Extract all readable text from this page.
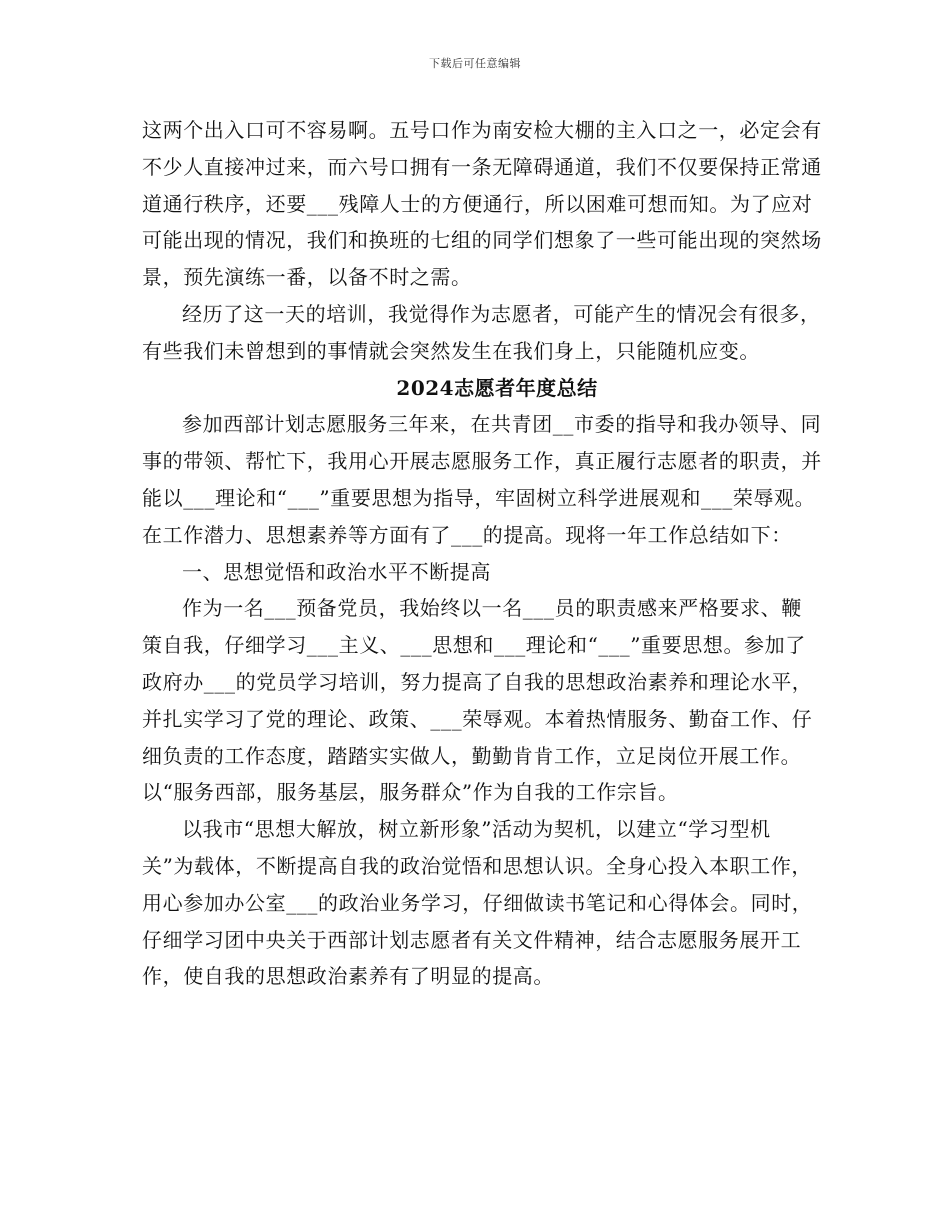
下载后可任意编辑

这两个出入口可不容易啊。五号口作为南安检大棚的主入口之一，必定会有不少人直接冲过来，而六号口拥有一条无障碍通道，我们不仅要保持正常通道通行秩序，还要___残障人士的方便通行，所以困难可想而知。为了应对可能出现的情况，我们和换班的七组的同学们想象了一些可能出现的突然场景，预先演练一番，以备不时之需。

经历了这一天的培训，我觉得作为志愿者，可能产生的情况会有很多，有些我们未曾想到的事情就会突然发生在我们身上，只能随机应变。

2024志愿者年度总结

参加西部计划志愿服务三年来，在共青团__市委的指导和我办领导、同事的带领、帮忙下，我用心开展志愿服务工作，真正履行志愿者的职责，并能以___理论和“___”重要思想为指导，牢固树立科学进展观和___荣辱观。在工作潜力、思想素养等方面有了___的提高。现将一年工作总结如下：

一、思想觉悟和政治水平不断提高

作为一名___预备党员，我始终以一名___员的职责感来严格要求、鞭策自我，仔细学习___主义、___思想和___理论和“___”重要思想。参加了政府办___的党员学习培训，努力提高了自我的思想政治素养和理论水平，并扎实学习了党的理论、政策、___荣辱观。本着热情服务、勤奋工作、仔细负责的工作态度，踏踏实实做人，勤勤肯肯工作，立足岗位开展工作。以“服务西部，服务基层，服务群众”作为自我的工作宗旨。

以我市“思想大解放，树立新形象”活动为契机，以建立“学习型机关”为载体，不断提高自我的政治觉悟和思想认识。全身心投入本职工作，用心参加办公室___的政治业务学习，仔细做读书笔记和心得体会。同时，仔细学习团中央关于西部计划志愿者有关文件精神，结合志愿服务展开工作，使自我的思想政治素养有了明显的提高。
